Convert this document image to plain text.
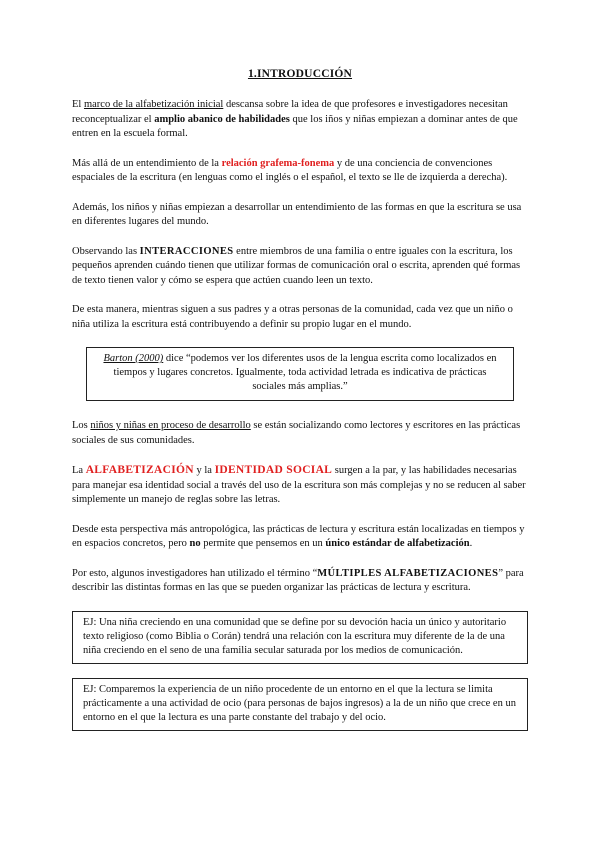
1.INTRODUCCIÓN

El marco de la alfabetización inicial descansa sobre la idea de que profesores e investigadores necesitan reconceptualizar el amplio abanico de habilidades que los iños y niñas empiezan a dominar antes de que entren en la escuela formal.

Más allá de un entendimiento de la relación grafema-fonema y de una conciencia de convenciones espaciales de la escritura (en lenguas como el inglés o el español, el texto se lle de izquierda a derecha).

Además, los niños y niñas empiezan a desarrollar un entendimiento de las formas en que la escritura se usa en diferentes lugares del mundo.

Observando las INTERACCIONES entre miembros de una familia o entre iguales con la escritura, los pequeños aprenden cuándo tienen que utilizar formas de comunicación oral o escrita, aprenden qué formas de texto tienen valor y cómo se espera que actúen cuando leen un texto.

De esta manera, mientras siguen a sus padres y a otras personas de la comunidad, cada vez que un niño o niña utiliza la escritura está contribuyendo a definir su propio lugar en el mundo.

Barton (2000) dice “podemos ver los diferentes usos de la lengua escrita como localizados en tiempos y lugares concretos. Igualmente, toda actividad letrada es indicativa de prácticas sociales más amplias.”

Los niños y niñas en proceso de desarrollo se están socializando como lectores y escritores en las prácticas sociales de sus comunidades.

La ALFABETIZACIÓN y la IDENTIDAD SOCIAL surgen a la par, y las habilidades necesarias para manejar esa identidad social a través del uso de la escritura son más complejas y no se reducen al saber simplemente un manejo de reglas sobre las letras.

Desde esta perspectiva más antropológica, las prácticas de lectura y escritura están localizadas en tiempos y en espacios concretos, pero no permite que pensemos en un único estándar de alfabetización.

Por esto, algunos investigadores han utilizado el término “MÚLTIPLES ALFABETIZACIONES” para describir las distintas formas en las que se pueden organizar las prácticas de lectura y escritura.

EJ: Una niña creciendo en una comunidad que se define por su devoción hacia un único y autoritario texto religioso (como Biblia o Corán) tendrá una relación con la escritura muy diferente de la de una niña creciendo en el seno de una familia secular saturada por los medios de comunicación.
EJ: Comparemos la experiencia de un niño procedente de un entorno en el que la lectura se limita prácticamente a una actividad de ocio (para personas de bajos ingresos) a la de un niño que crece en un entorno en el que la lectura es una parte constante del trabajo y del ocio.
